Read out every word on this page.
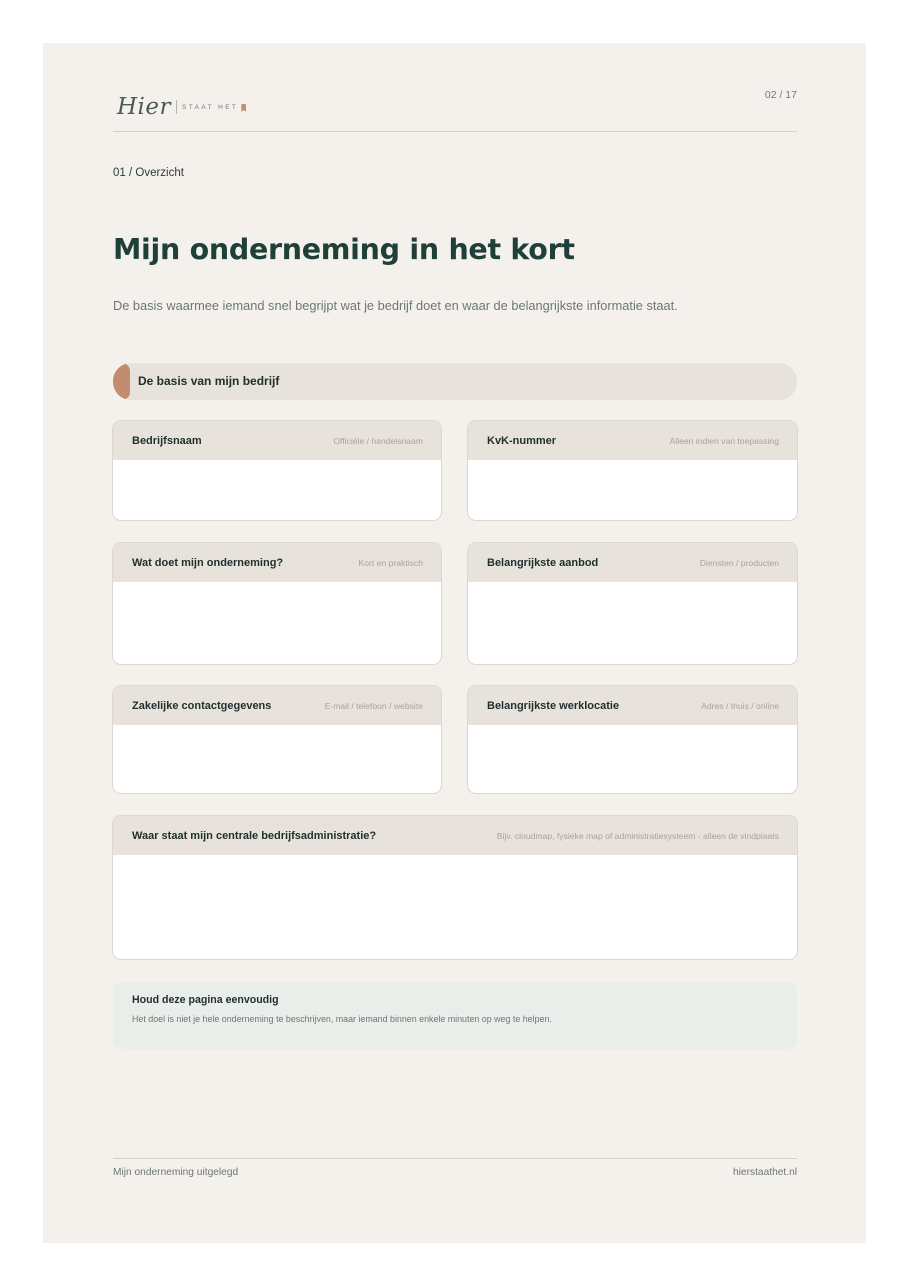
Hier STAAT HET
02 / 17
01 / Overzicht
Mijn onderneming in het kort
De basis waarmee iemand snel begrijpt wat je bedrijf doet en waar de belangrijkste informatie staat.
De basis van mijn bedrijf
Bedrijfsnaam	Officiële / handelsnaam	KvK-nummer	Alleen indien van toepassing
Wat doet mijn onderneming?	Kort en praktisch	Belangrijkste aanbod	Diensten / producten
Zakelijke contactgegevens	E-mail / telefoon / website	Belangrijkste werklocatie	Adres / thuis / online
Waar staat mijn centrale bedrijfsadministratie?	Bijv. cloudmap, fysieke map of administratiesysteem - alleen de vindplaats
Houd deze pagina eenvoudig
Het doel is niet je hele onderneming te beschrijven, maar iemand binnen enkele minuten op weg te helpen.
Mijn onderneming uitgelegd	hierstaathet.nl
